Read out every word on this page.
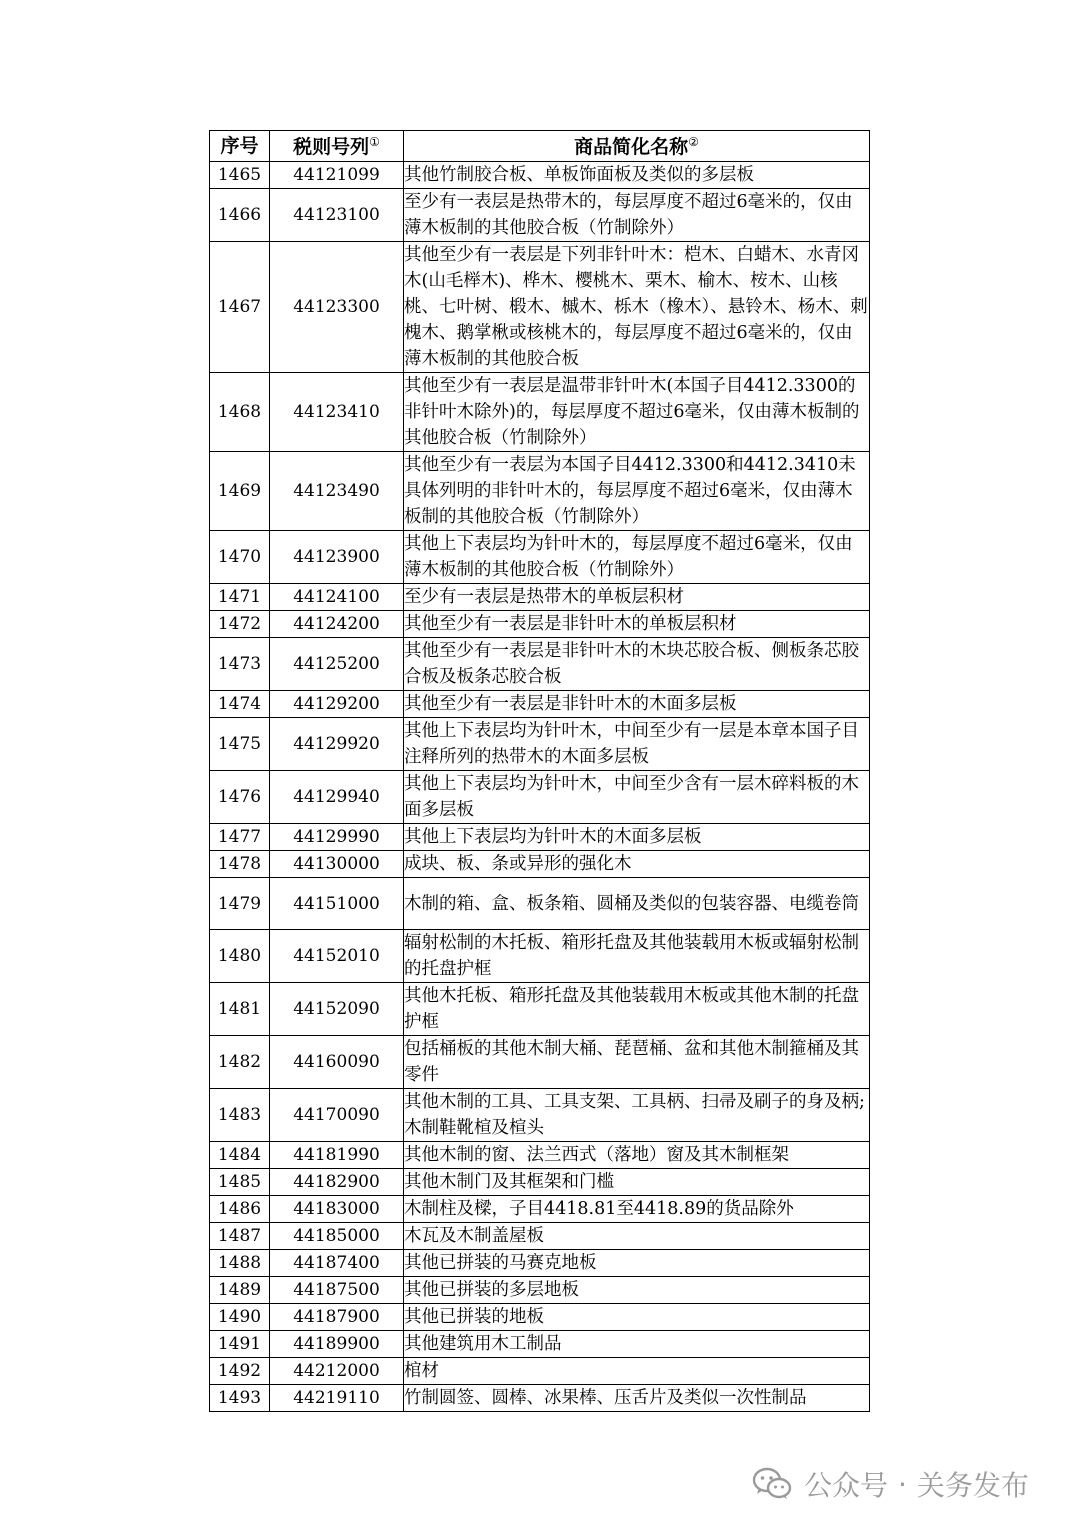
序号	税则号列①	商品简化名称②
1465	44121099	其他竹制胶合板、单板饰面板及类似的多层板
1466	44123100	至少有一表层是热带木的，每层厚度不超过6毫米的，仅由薄木板制的其他胶合板（竹制除外）
1467	44123300	其他至少有一表层是下列非针叶木：桤木、白蜡木、水青冈木(山毛榉木)、桦木、樱桃木、栗木、榆木、桉木、山核桃、七叶树、椴木、槭木、栎木（橡木）、悬铃木、杨木、刺槐木、鹅掌楸或核桃木的，每层厚度不超过6毫米的，仅由薄木板制的其他胶合板
1468	44123410	其他至少有一表层是温带非针叶木(本国子目4412.3300的非针叶木除外)的，每层厚度不超过6毫米，仅由薄木板制的其他胶合板（竹制除外）
1469	44123490	其他至少有一表层为本国子目4412.3300和4412.3410未具体列明的非针叶木的，每层厚度不超过6毫米，仅由薄木板制的其他胶合板（竹制除外）
1470	44123900	其他上下表层均为针叶木的，每层厚度不超过6毫米，仅由薄木板制的其他胶合板（竹制除外）
1471	44124100	至少有一表层是热带木的单板层积材
1472	44124200	其他至少有一表层是非针叶木的单板层积材
1473	44125200	其他至少有一表层是非针叶木的木块芯胶合板、侧板条芯胶合板及板条芯胶合板
1474	44129200	其他至少有一表层是非针叶木的木面多层板
1475	44129920	其他上下表层均为针叶木，中间至少有一层是本章本国子目注释所列的热带木的木面多层板
1476	44129940	其他上下表层均为针叶木，中间至少含有一层木碎料板的木面多层板
1477	44129990	其他上下表层均为针叶木的木面多层板
1478	44130000	成块、板、条或异形的强化木
1479	44151000	木制的箱、盒、板条箱、圆桶及类似的包装容器、电缆卷筒
1480	44152010	辐射松制的木托板、箱形托盘及其他装载用木板或辐射松制的托盘护框
1481	44152090	其他木托板、箱形托盘及其他装载用木板或其他木制的托盘护框
1482	44160090	包括桶板的其他木制大桶、琵琶桶、盆和其他木制箍桶及其零件
1483	44170090	其他木制的工具、工具支架、工具柄、扫帚及刷子的身及柄;木制鞋靴楦及楦头
1484	44181990	其他木制的窗、法兰西式（落地）窗及其木制框架
1485	44182900	其他木制门及其框架和门槛
1486	44183000	木制柱及樑，子目4418.81至4418.89的货品除外
1487	44185000	木瓦及木制盖屋板
1488	44187400	其他已拼装的马赛克地板
1489	44187500	其他已拼装的多层地板
1490	44187900	其他已拼装的地板
1491	44189900	其他建筑用木工制品
1492	44212000	棺材
1493	44219110	竹制圆签、圆棒、冰果棒、压舌片及类似一次性制品
公众号 · 关务发布
